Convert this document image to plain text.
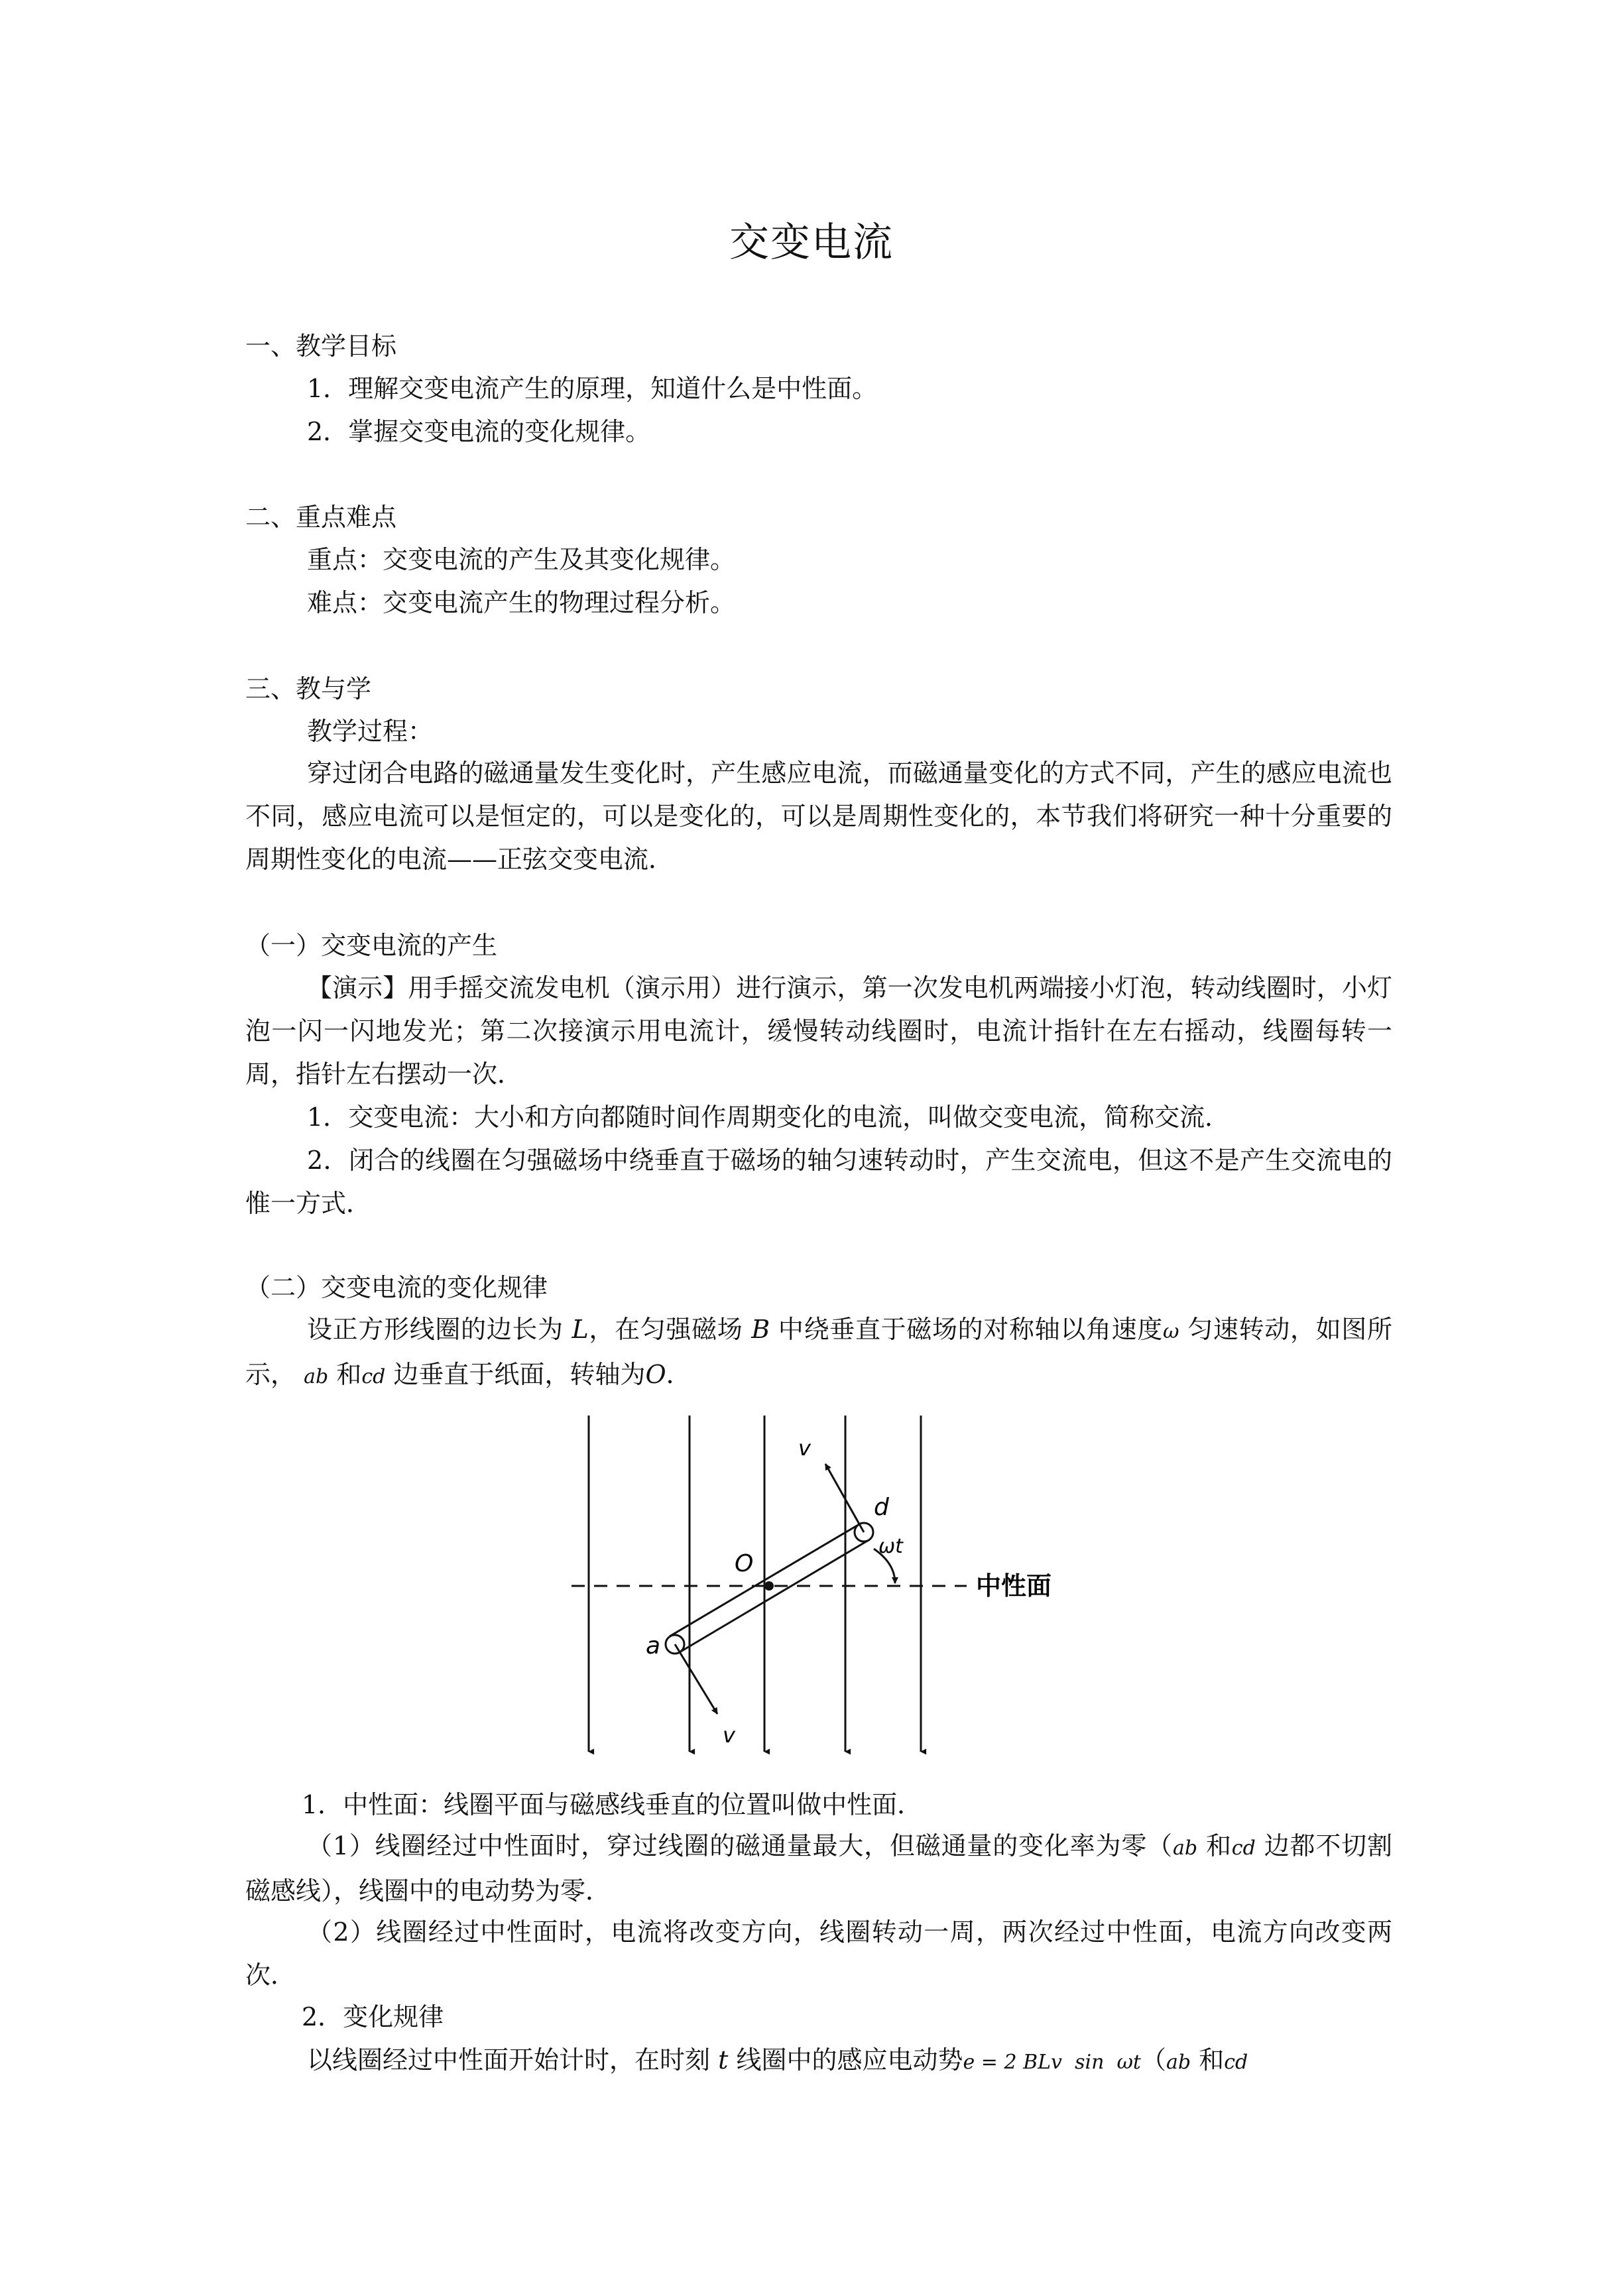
交变电流
一、教学目标
1．理解交变电流产生的原理，知道什么是中性面。
2．掌握交变电流的变化规律。
二、重点难点
重点：交变电流的产生及其变化规律。
难点：交变电流产生的物理过程分析。
三、教与学
教学过程：
穿过闭合电路的磁通量发生变化时，产生感应电流，而磁通量变化的方式不同，产生的感应电流也不同，感应电流可以是恒定的，可以是变化的，可以是周期性变化的，本节我们将研究一种十分重要的周期性变化的电流——正弦交变电流．
（一）交变电流的产生
【演示】用手摇交流发电机（演示用）进行演示，第一次发电机两端接小灯泡，转动线圈时，小灯泡一闪一闪地发光；第二次接演示用电流计，缓慢转动线圈时，电流计指针在左右摇动，线圈每转一周，指针左右摆动一次．
1．交变电流：大小和方向都随时间作周期变化的电流，叫做交变电流，简称交流．
2．闭合的线圈在匀强磁场中绕垂直于磁场的轴匀速转动时，产生交流电，但这不是产生交流电的惟一方式．
（二）交变电流的变化规律
设正方形线圈的边长为 L，在匀强磁场 B 中绕垂直于磁场的对称轴以角速度ω 匀速转动，如图所示， ab 和cd 边垂直于纸面，转轴为O．
v
d
O
ωt
a
v
中性面
1．中性面：线圈平面与磁感线垂直的位置叫做中性面．
（1）线圈经过中性面时，穿过线圈的磁通量最大，但磁通量的变化率为零（ab 和cd 边都不切割磁感线），线圈中的电动势为零．
（2）线圈经过中性面时，电流将改变方向，线圈转动一周，两次经过中性面，电流方向改变两次．
2．变化规律
以线圈经过中性面开始计时，在时刻 t 线圈中的感应电动势e = 2 BLv  sin  ωt（ab 和cd
